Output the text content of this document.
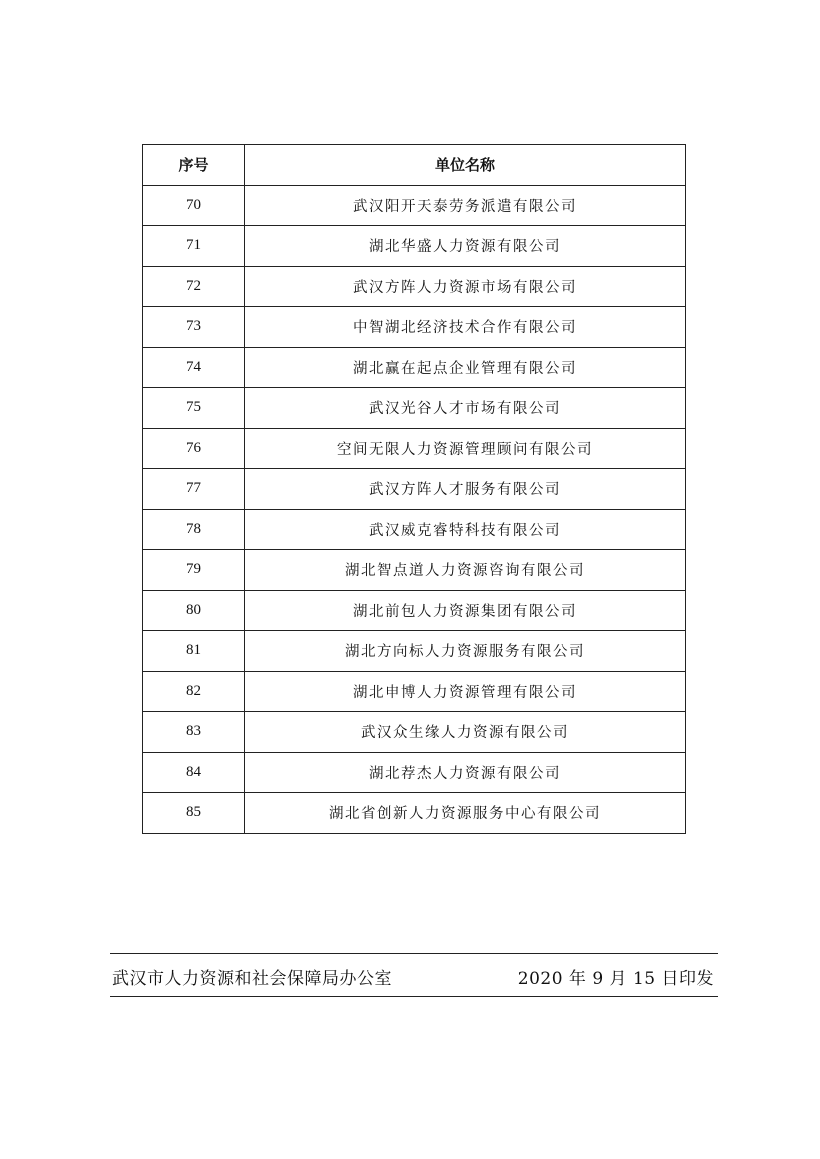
序号	单位名称
70	武汉阳开天泰劳务派遣有限公司
71	湖北华盛人力资源有限公司
72	武汉方阵人力资源市场有限公司
73	中智湖北经济技术合作有限公司
74	湖北赢在起点企业管理有限公司
75	武汉光谷人才市场有限公司
76	空间无限人力资源管理顾问有限公司
77	武汉方阵人才服务有限公司
78	武汉威克睿特科技有限公司
79	湖北智点道人力资源咨询有限公司
80	湖北前包人力资源集团有限公司
81	湖北方向标人力资源服务有限公司
82	湖北申博人力资源管理有限公司
83	武汉众生缘人力资源有限公司
84	湖北荐杰人力资源有限公司
85	湖北省创新人力资源服务中心有限公司
武汉市人力资源和社会保障局办公室	2020 年 9 月 15 日印发
